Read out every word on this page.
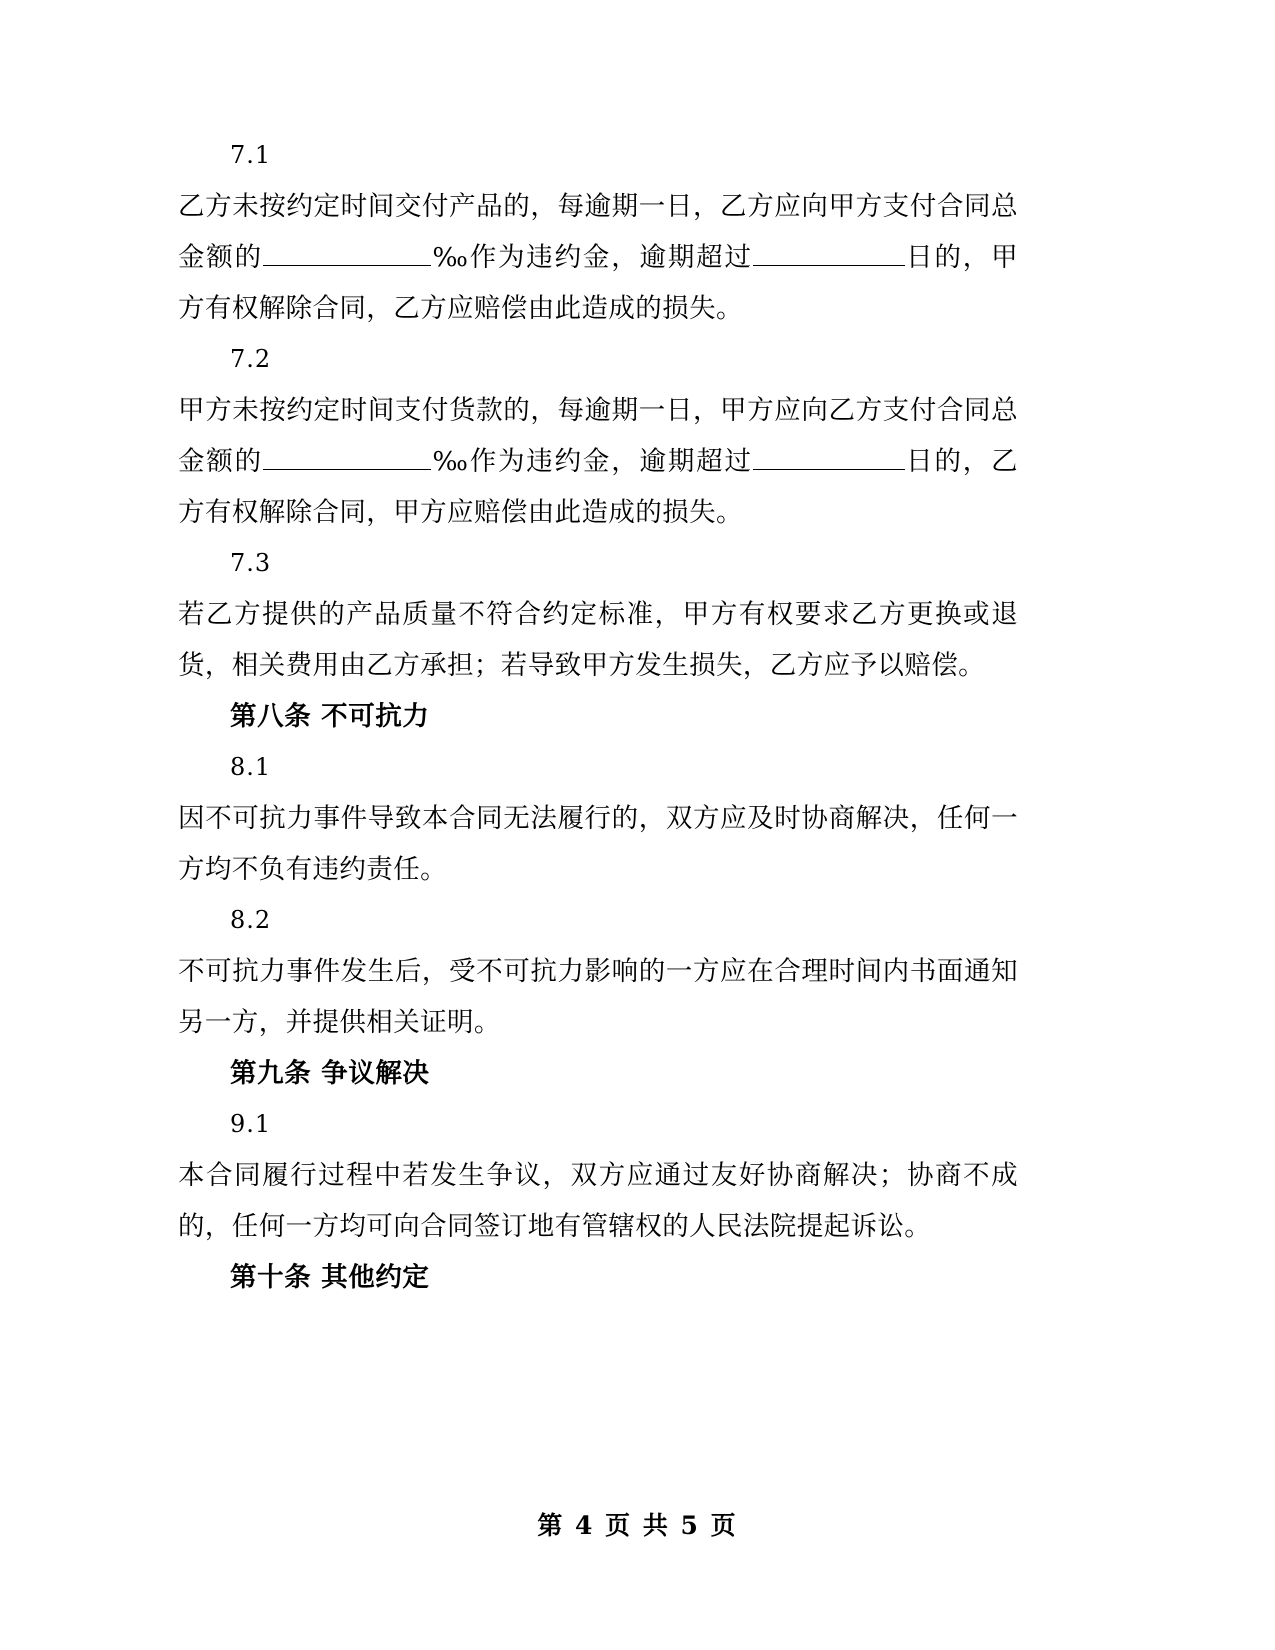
7.1
乙方未按约定时间交付产品的，每逾期一日，乙方应向甲方支付合同总金额的	‰作为违约金，逾期超过	日的，甲方有权解除合同，乙方应赔偿由此造成的损失。
7.2
甲方未按约定时间支付货款的，每逾期一日，甲方应向乙方支付合同总金额的	‰作为违约金，逾期超过	日的，乙方有权解除合同，甲方应赔偿由此造成的损失。
7.3
若乙方提供的产品质量不符合约定标准，甲方有权要求乙方更换或退货，相关费用由乙方承担；若导致甲方发生损失，乙方应予以赔偿。
第八条 不可抗力
8.1
因不可抗力事件导致本合同无法履行的，双方应及时协商解决，任何一方均不负有违约责任。
8.2
不可抗力事件发生后，受不可抗力影响的一方应在合理时间内书面通知另一方，并提供相关证明。
第九条 争议解决
9.1
本合同履行过程中若发生争议，双方应通过友好协商解决；协商不成的，任何一方均可向合同签订地有管辖权的人民法院提起诉讼。
第十条 其他约定
第 4 页 共 5 页
